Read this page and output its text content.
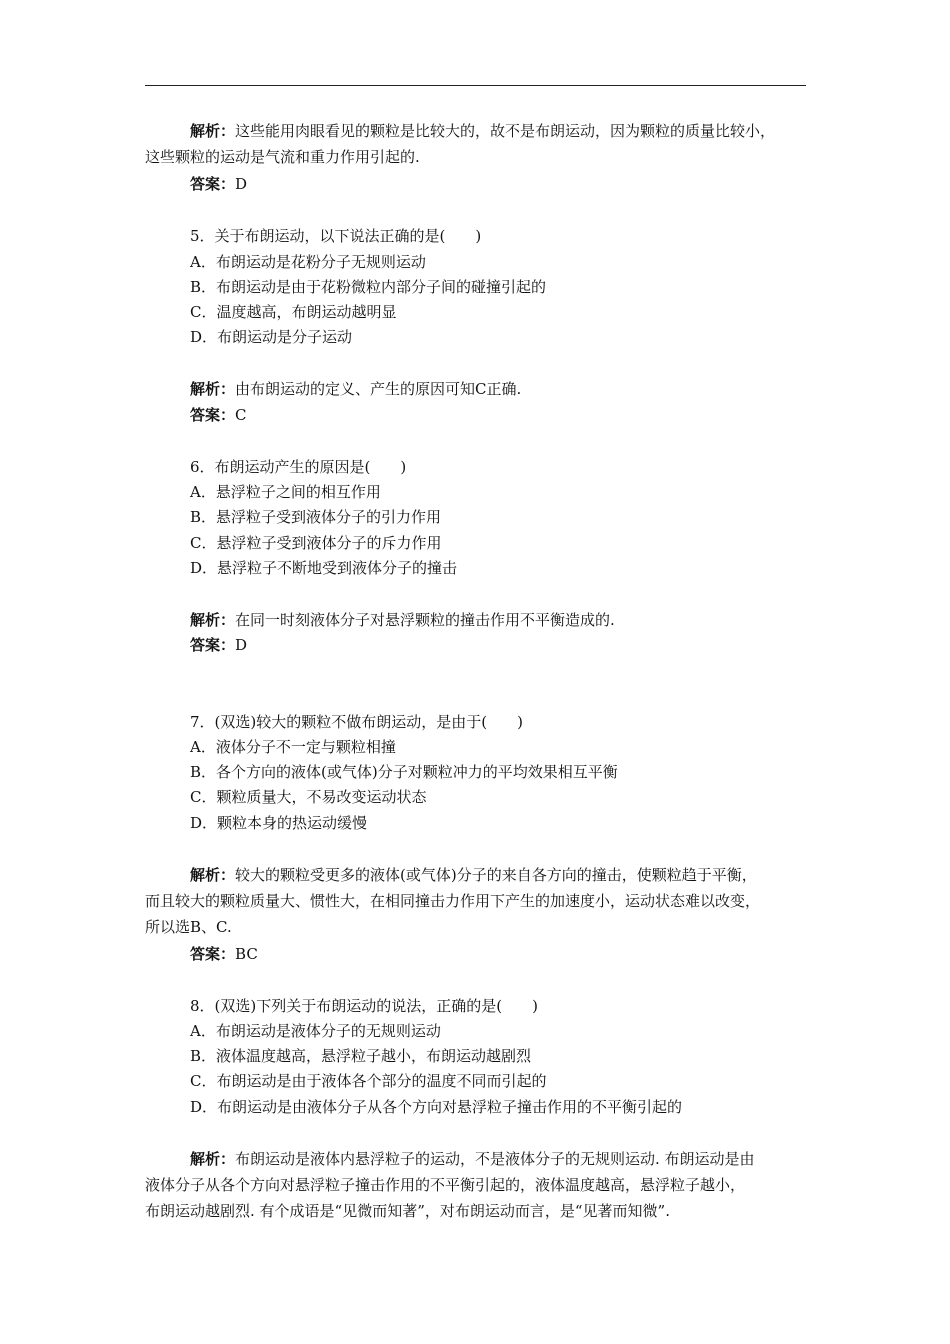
解析：这些能用肉眼看见的颗粒是比较大的，故不是布朗运动，因为颗粒的质量比较小，
这些颗粒的运动是气流和重力作用引起的.
答案：D
5．关于布朗运动，以下说法正确的是(　　)
A．布朗运动是花粉分子无规则运动
B．布朗运动是由于花粉微粒内部分子间的碰撞引起的
C．温度越高，布朗运动越明显
D．布朗运动是分子运动
解析：由布朗运动的定义、产生的原因可知C正确.
答案：C
6．布朗运动产生的原因是(　　)
A．悬浮粒子之间的相互作用
B．悬浮粒子受到液体分子的引力作用
C．悬浮粒子受到液体分子的斥力作用
D．悬浮粒子不断地受到液体分子的撞击
解析：在同一时刻液体分子对悬浮颗粒的撞击作用不平衡造成的.
答案：D
7．(双选)较大的颗粒不做布朗运动，是由于(　　)
A．液体分子不一定与颗粒相撞
B．各个方向的液体(或气体)分子对颗粒冲力的平均效果相互平衡
C．颗粒质量大，不易改变运动状态
D．颗粒本身的热运动缓慢
解析：较大的颗粒受更多的液体(或气体)分子的来自各方向的撞击，使颗粒趋于平衡，
而且较大的颗粒质量大、惯性大，在相同撞击力作用下产生的加速度小，运动状态难以改变，
所以选B、C.
答案：BC
8．(双选)下列关于布朗运动的说法，正确的是(　　)
A．布朗运动是液体分子的无规则运动
B．液体温度越高，悬浮粒子越小，布朗运动越剧烈
C．布朗运动是由于液体各个部分的温度不同而引起的
D．布朗运动是由液体分子从各个方向对悬浮粒子撞击作用的不平衡引起的
解析：布朗运动是液体内悬浮粒子的运动，不是液体分子的无规则运动. 布朗运动是由
液体分子从各个方向对悬浮粒子撞击作用的不平衡引起的，液体温度越高，悬浮粒子越小，
布朗运动越剧烈. 有个成语是“见微而知著”，对布朗运动而言，是“见著而知微”.
